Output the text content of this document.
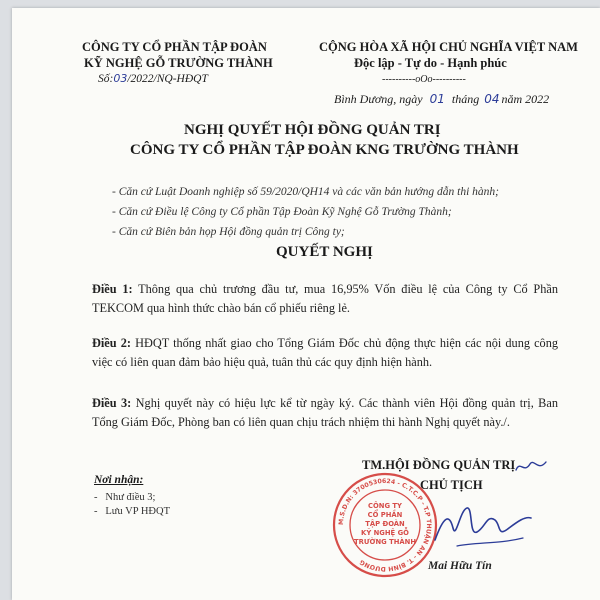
CÔNG TY CỔ PHẦN TẬP ĐOÀN
KỸ NGHỆ GỖ TRƯỜNG THÀNH
Số:03/2022/NQ-HĐQT
CỘNG HÒA XÃ HỘI CHỦ NGHĨA VIỆT NAM
Độc lập - Tự do - Hạnh phúc
----------oOo----------
Bình Dương, ngày 01 tháng 04 năm 2022
NGHỊ QUYẾT HỘI ĐỒNG QUẢN TRỊ
CÔNG TY CỔ PHẦN TẬP ĐOÀN KNG TRƯỜNG THÀNH
- Căn cứ Luật Doanh nghiệp số 59/2020/QH14 và các văn bản hướng dẫn thi hành;
- Căn cứ Điều lệ Công ty Cổ phần Tập Đoàn Kỹ Nghệ Gỗ Trường Thành;
- Căn cứ Biên bản họp Hội đồng quản trị Công ty;
QUYẾT NGHỊ
Điều 1: Thông qua chủ trương đầu tư, mua 16,95% Vốn điều lệ của Công ty Cổ Phần TEKCOM qua hình thức chào bán cổ phiếu riêng lẻ.
Điều 2: HĐQT thống nhất giao cho Tổng Giám Đốc chủ động thực hiện các nội dung công việc có liên quan đảm bảo hiệu quả, tuân thủ các quy định hiện hành.
Điều 3: Nghị quyết này có hiệu lực kể từ ngày ký. Các thành viên Hội đồng quản trị, Ban Tổng Giám Đốc, Phòng ban có liên quan chịu trách nhiệm thi hành Nghị quyết này./.
Nơi nhận:
-   Như điều 3;
-   Lưu VP HĐQT
TM.HỘI ĐỒNG QUẢN TRỊ
CHỦ TỊCH
M.S.D.N: 3700530624 - C.T.C.P - T.P THUẬN AN - T. BÌNH DƯƠNG
CÔNG TY
CỔ PHẦN
TẬP ĐOÀN
KỸ NGHỆ GỖ
TRƯỜNG THÀNH
Mai Hữu Tín
